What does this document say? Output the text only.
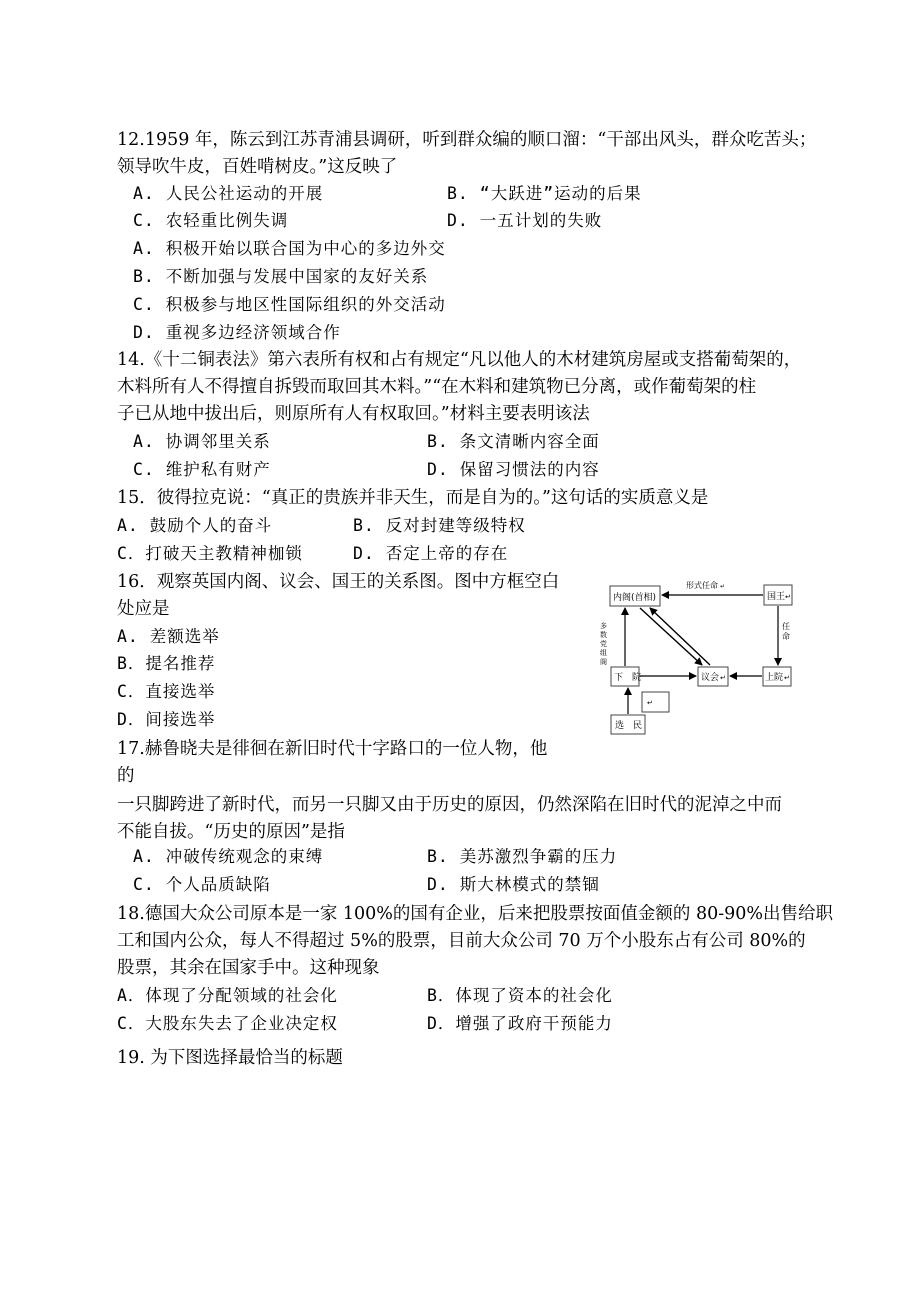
12.1959 年，陈云到江苏青浦县调研，听到群众编的顺口溜：“干部出风头，群众吃苦头；
领导吹牛皮，百姓啃树皮。”这反映了
A. 人民公社运动的开展	B. “大跃进”运动的后果
C. 农轻重比例失调	D. 一五计划的失败
A. 积极开始以联合国为中心的多边外交
B. 不断加强与发展中国家的友好关系
C. 积极参与地区性国际组织的外交活动
D. 重视多边经济领域合作
14.《十二铜表法》第六表所有权和占有规定“凡以他人的木材建筑房屋或支搭葡萄架的，
木料所有人不得擅自拆毁而取回其木料。”“在木料和建筑物已分离，或作葡萄架的柱
子已从地中拔出后，则原所有人有权取回。”材料主要表明该法
A. 协调邻里关系	B. 条文清晰内容全面
C. 维护私有财产	D. 保留习惯法的内容
15．彼得拉克说：“真正的贵族并非天生，而是自为的。”这句话的实质意义是
A. 鼓励个人的奋斗	B. 反对封建等级特权
C．打破天主教精神枷锁	D. 否定上帝的存在
16．观察英国内阁、议会、国王的关系图。图中方框空白
处应是
A. 差额选举
B．提名推荐
C．直接选举
D．间接选举
内阁(首相)	国王 ↵
下　院	议会 ↵	上院 ↵
↵
选　民
形式任命 ↵
任
命
多
数
党
组
阁
17.赫鲁晓夫是徘徊在新旧时代十字路口的一位人物，他
的
一只脚跨进了新时代，而另一只脚又由于历史的原因，仍然深陷在旧时代的泥淖之中而
不能自拔。“历史的原因”是指
A. 冲破传统观念的束缚	B. 美苏激烈争霸的压力
C. 个人品质缺陷	D. 斯大林模式的禁锢
18.德国大众公司原本是一家 100%的国有企业，后来把股票按面值金额的 80-90%出售给职
工和国内公众，每人不得超过 5%的股票，目前大众公司 70 万个小股东占有公司 80%的
股票，其余在国家手中。这种现象
A．体现了分配领域的社会化	B．体现了资本的社会化
C．大股东失去了企业决定权	D．增强了政府干预能力
19. 为下图选择最恰当的标题
